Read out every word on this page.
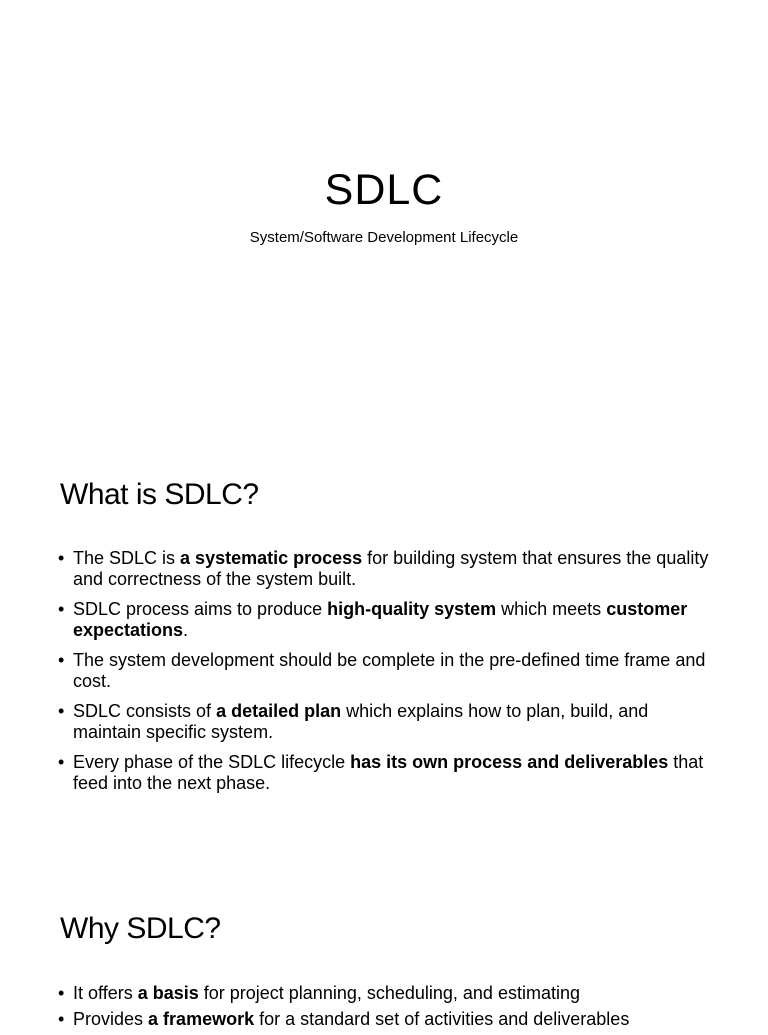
SDLC

System/Software Development Lifecycle

What is SDLC?
• The SDLC is a systematic process for building system that ensures the quality and correctness of the system built.
• SDLC process aims to produce high-quality system which meets customer expectations.
• The system development should be complete in the pre-defined time frame and cost.
• SDLC consists of a detailed plan which explains how to plan, build, and maintain specific system.
• Every phase of the SDLC lifecycle has its own process and deliverables that feed into the next phase.
Why SDLC?
• It offers a basis for project planning, scheduling, and estimating
• Provides a framework for a standard set of activities and deliverables
